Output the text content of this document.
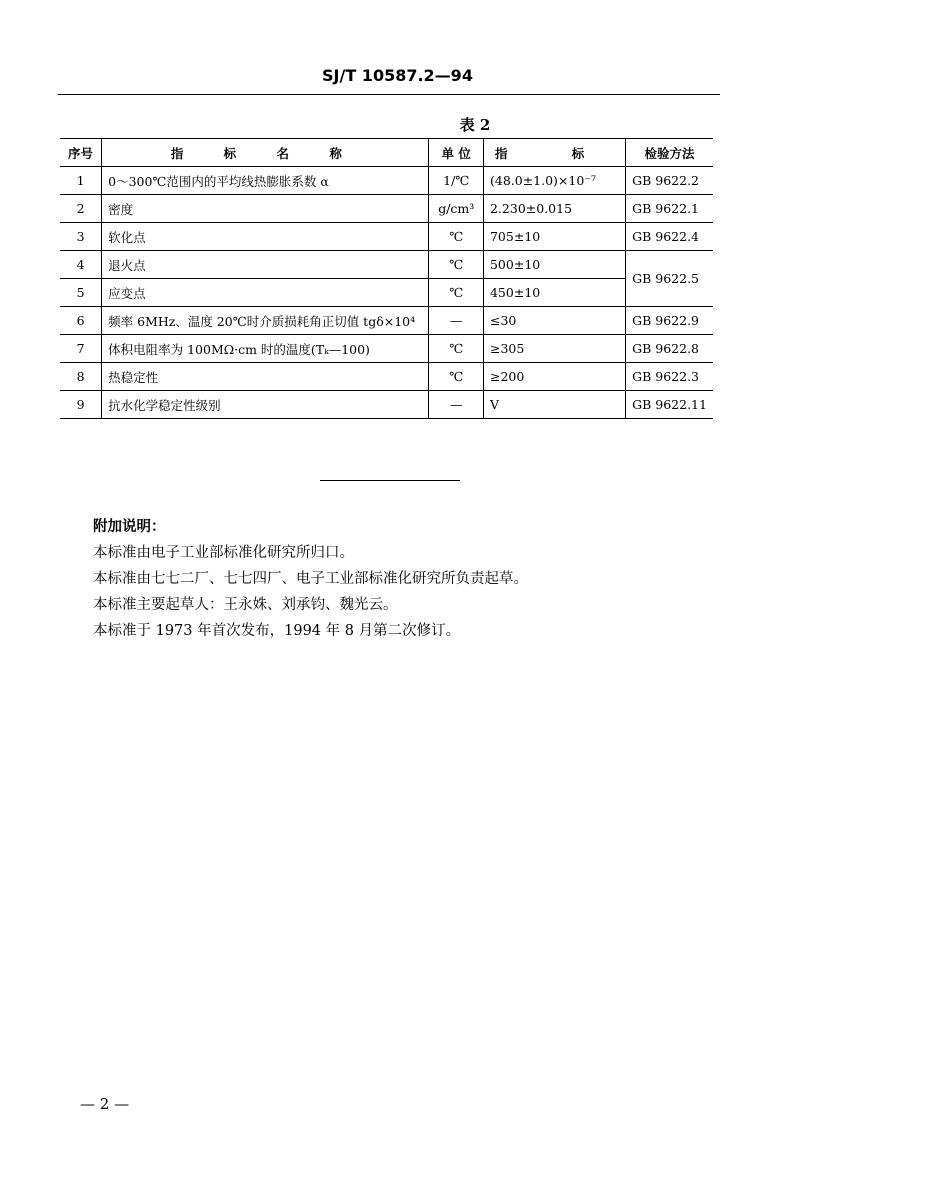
SJ/T 10587.2—94
表 2
序号	指 标 名 称	单 位	指 标	检验方法
1	0～300℃范围内的平均线热膨胀系数 α	1/℃	(48.0±1.0)×10⁻⁷	GB 9622.2
2	密度	g/cm³	2.230±0.015	GB 9622.1
3	软化点	℃	705±10	GB 9622.4
4	退火点	℃	500±10	GB 9622.5
5	应变点	℃	450±10	
6	频率 6MHz、温度 20℃时介质损耗角正切值 tgδ×10⁴	—	≤30	GB 9622.9
7	体积电阻率为 100MΩ·cm 时的温度(Tₖ—100)	℃	≥305	GB 9622.8
8	热稳定性	℃	≥200	GB 9622.3
9	抗水化学稳定性级别	—	V	GB 9622.11
附加说明：
本标准由电子工业部标准化研究所归口。
本标准由七七二厂、七七四厂、电子工业部标准化研究所负责起草。
本标准主要起草人：王永姝、刘承钧、魏光云。
本标准于 1973 年首次发布，1994 年 8 月第二次修订。
— 2 —
